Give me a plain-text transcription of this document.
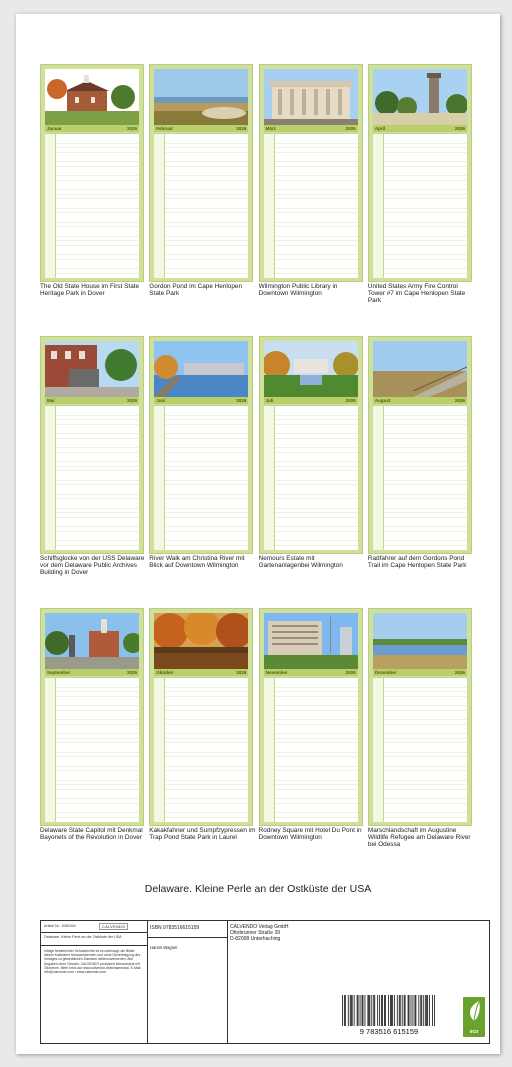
Januar	2026
The Old State House im First State Heritage Park in Dover
Februar	2026
Gordon Pond im Cape Henlopen State Park
März	2026
Wilmington Public Library in Downtown Wilmington
April	2026
United States Army Fire Control Tower #7 im Cape Henlopen State Park
Mai	2026
Schiffsglocke von der USS Delaware vor dem Delaware Public Archives Building in Dover
Juni	2026
River Walk am Christina River mit Blick auf Downtown Wilmington
Juli	2026
Nemours Estate mit Gartenanlagenbei Wilmington
August	2026
Radfahrer auf dem Gordons Pond Trail im Cape Henlopen State Park
September	2026
Delaware State Capitol mit Denkmal Bayonets of the Revolution in Dover
Oktober	2026
Kakakfahner und Sumpfzypressen im Trap Pond State Park in Laurel
November	2026
Rodney Square mit Hotel Du Pont in Downtown Wilmington
Dezember	2026
Marschlandschaft im Augustine Wildlife Refugee am Delaware River bei Odessa
Delaware. Kleine Perle an der Ostküste der USA
Artikel Nr.: 2082934	CALVENDO
Delaware. Kleine Perle an der Ostküste der USA
Infolge bestehender Schutzrechte ist es untersagt, die Bilder dieses Kalenders herauszutrennen und ohne Genehmigung des Verlages zu gewerblichen Zwecken weiterzuverwerten. Alle Angaben ohne Gewähr. CALVENDO produziert klimaneutral mit Ökostrom. Mehr Infos auf www.calvendo.de/klimaneutral. E-Mail: info@calvendo.com • www.calvendo.com
ISBN 9783516615159
Hanns Wagner
CALVENDO Verlag GmbH
Ottobrunner Straße 39
D-82008 Unterhaching
9 783516 615159	eco
